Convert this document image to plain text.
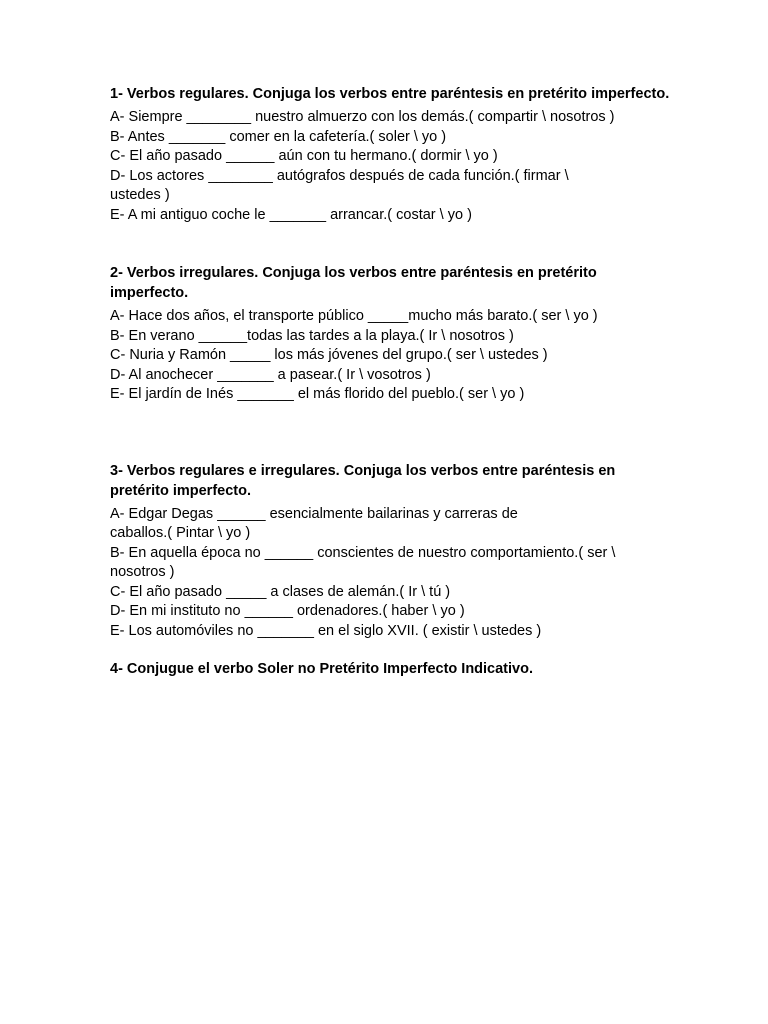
1- Verbos regulares. Conjuga los verbos entre paréntesis en pretérito imperfecto.

A- Siempre ________ nuestro almuerzo con los demás.( compartir \ nosotros )

B- Antes _______ comer en la cafetería.( soler \ yo )

C- El año pasado ______ aún con tu hermano.( dormir \ yo )

D- Los actores ________ autógrafos después de cada función.( firmar \ ustedes )

E- A mi antiguo coche le _______ arrancar.( costar \ yo )

2- Verbos irregulares. Conjuga los verbos entre paréntesis en pretérito imperfecto.

A- Hace dos años, el transporte público _____mucho más barato.( ser \ yo )

B- En verano ______todas las tardes a la playa.( Ir \ nosotros )

C- Nuria y Ramón _____ los más jóvenes del grupo.( ser \ ustedes )

D- Al anochecer _______ a pasear.( Ir \ vosotros )

E- El jardín de Inés _______ el más florido del pueblo.( ser \ yo )

3- Verbos regulares e irregulares. Conjuga los verbos entre paréntesis en pretérito imperfecto.

A- Edgar Degas ______ esencialmente bailarinas y carreras de caballos.( Pintar \ yo )

B- En aquella época no ______ conscientes de nuestro comportamiento.( ser \ nosotros )

C- El año pasado _____ a clases de alemán.( Ir \ tú )

D- En mi instituto no ______ ordenadores.( haber \ yo )

E- Los automóviles no _______ en el siglo XVII. ( existir \ ustedes )

4- Conjugue el verbo Soler no Pretérito Imperfecto Indicativo.
